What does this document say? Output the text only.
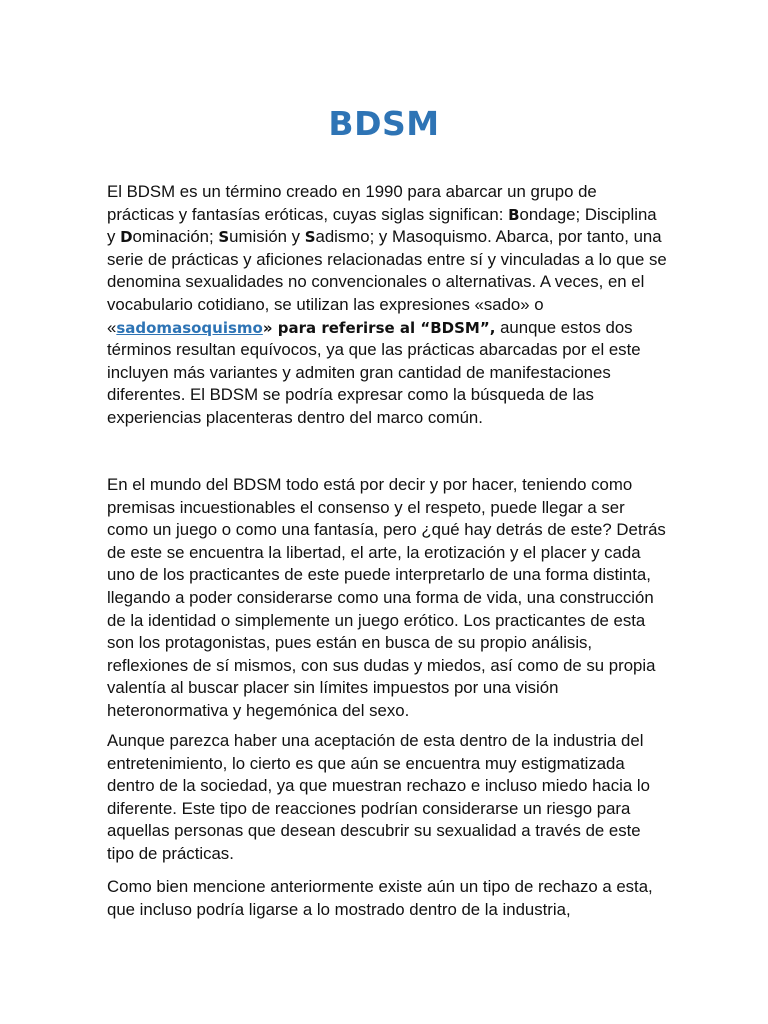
BDSM

El BDSM es un término creado en 1990 para abarcar un grupo de prácticas y fantasías eróticas, cuyas siglas significan: Bondage; Disciplina y Dominación; Sumisión y Sadismo; y Masoquismo. Abarca, por tanto, una serie de prácticas y aficiones relacionadas entre sí y vinculadas a lo que se denomina sexualidades no convencionales o alternativas. A veces, en el vocabulario cotidiano, se utilizan las expresiones «sado» o «sadomasoquismo» para referirse al “BDSM”, aunque estos dos términos resultan equívocos, ya que las prácticas abarcadas por el este incluyen más variantes y admiten gran cantidad de manifestaciones diferentes. El BDSM se podría expresar como la búsqueda de las experiencias placenteras dentro del marco común.

En el mundo del BDSM todo está por decir y por hacer, teniendo como premisas incuestionables el consenso y el respeto, puede llegar a ser como un juego o como una fantasía, pero ¿qué hay detrás de este? Detrás de este se encuentra la libertad, el arte, la erotización y el placer y cada uno de los practicantes de este puede interpretarlo de una forma distinta, llegando a poder considerarse como una forma de vida, una construcción de la identidad o simplemente un juego erótico. Los practicantes de esta son los protagonistas, pues están en busca de su propio análisis, reflexiones de sí mismos, con sus dudas y miedos, así como de su propia valentía al buscar placer sin límites impuestos por una visión heteronormativa y hegemónica del sexo.

Aunque parezca haber una aceptación de esta dentro de la industria del entretenimiento, lo cierto es que aún se encuentra muy estigmatizada dentro de la sociedad, ya que muestran rechazo e incluso miedo hacia lo diferente. Este tipo de reacciones podrían considerarse un riesgo para aquellas personas que desean descubrir su sexualidad a través de este tipo de prácticas.

Como bien mencione anteriormente existe aún un tipo de rechazo a esta, que incluso podría ligarse a lo mostrado dentro de la industria,
